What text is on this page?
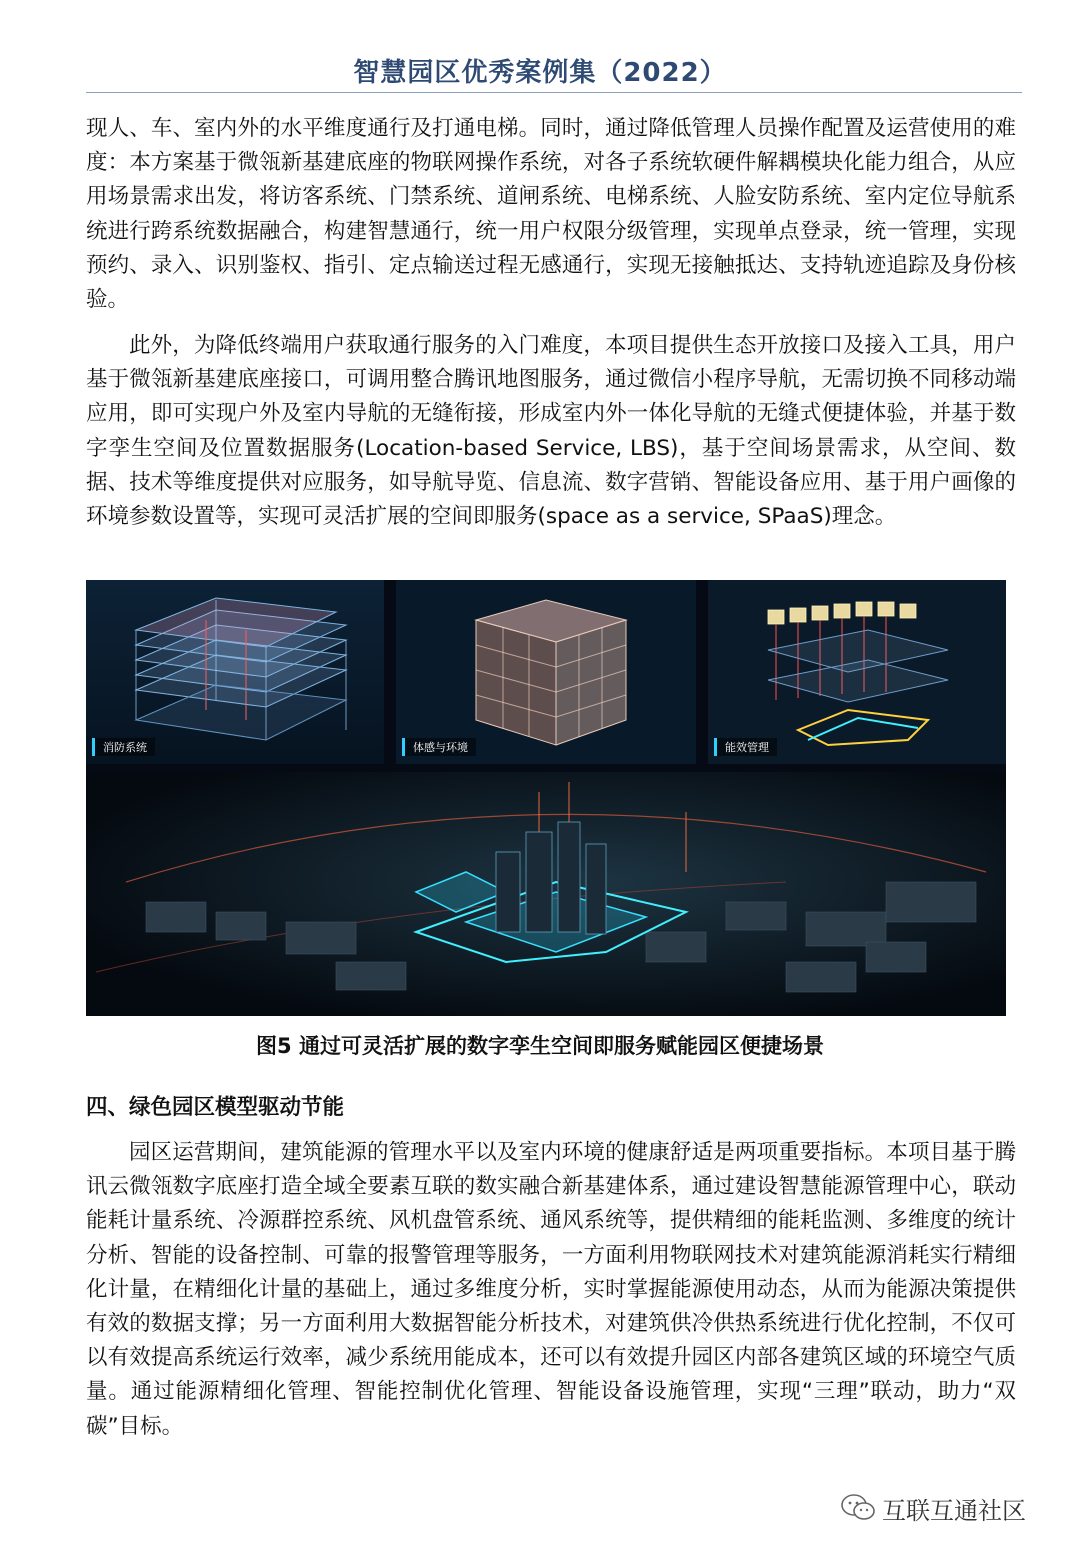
智慧园区优秀案例集（2022）

现人、车、室内外的水平维度通行及打通电梯。同时，通过降低管理人员操作配置及运营使用的难度：本方案基于微瓴新基建底座的物联网操作系统，对各子系统软硬件解耦模块化能力组合，从应用场景需求出发，将访客系统、门禁系统、道闸系统、电梯系统、人脸安防系统、室内定位导航系统进行跨系统数据融合，构建智慧通行，统一用户权限分级管理，实现单点登录，统一管理，实现预约、录入、识别鉴权、指引、定点输送过程无感通行，实现无接触抵达、支持轨迹追踪及身份核验。

此外，为降低终端用户获取通行服务的入门难度，本项目提供生态开放接口及接入工具，用户基于微瓴新基建底座接口，可调用整合腾讯地图服务，通过微信小程序导航，无需切换不同移动端应用，即可实现户外及室内导航的无缝衔接，形成室内外一体化导航的无缝式便捷体验，并基于数字孪生空间及位置数据服务(Location-based Service, LBS)，基于空间场景需求，从空间、数据、技术等维度提供对应服务，如导航导览、信息流、数字营销、智能设备应用、基于用户画像的环境参数设置等，实现可灵活扩展的空间即服务(space as a service, SPaaS)理念。

消防系统	体感与环境	能效管理
图5 通过可灵活扩展的数字孪生空间即服务赋能园区便捷场景
四、绿色园区模型驱动节能

园区运营期间，建筑能源的管理水平以及室内环境的健康舒适是两项重要指标。本项目基于腾讯云微瓴数字底座打造全域全要素互联的数实融合新基建体系，通过建设智慧能源管理中心，联动能耗计量系统、冷源群控系统、风机盘管系统、通风系统等，提供精细的能耗监测、多维度的统计分析、智能的设备控制、可靠的报警管理等服务，一方面利用物联网技术对建筑能源消耗实行精细化计量，在精细化计量的基础上，通过多维度分析，实时掌握能源使用动态，从而为能源决策提供有效的数据支撑；另一方面利用大数据智能分析技术，对建筑供冷供热系统进行优化控制，不仅可以有效提高系统运行效率，减少系统用能成本，还可以有效提升园区内部各建筑区域的环境空气质量。通过能源精细化管理、智能控制优化管理、智能设备设施管理，实现“三理”联动，助力“双碳”目标。

互联互通社区
